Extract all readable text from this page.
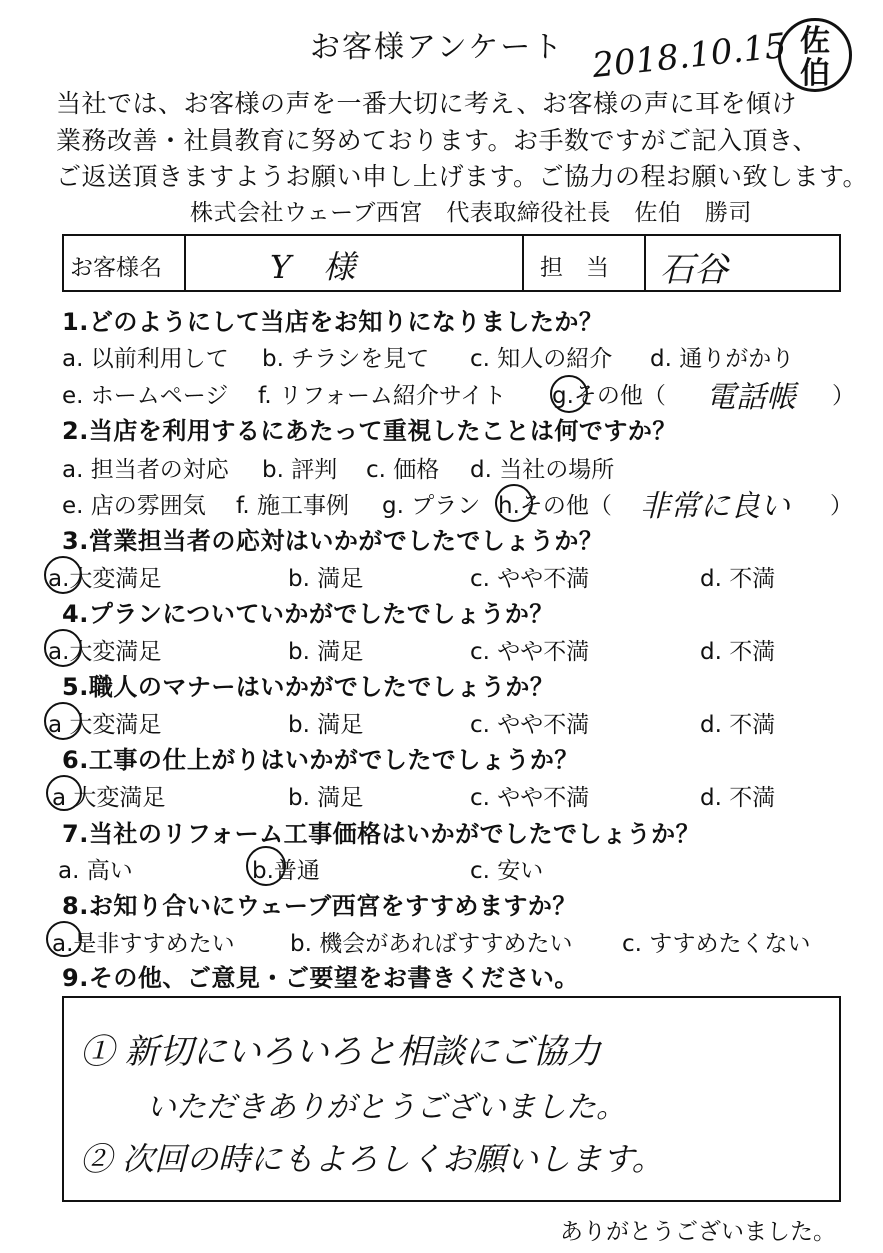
お客様アンケート 2018.10.15 佐
伯
当社では、お客様の声を一番大切に考え、お客様の声に耳を傾け
業務改善・社員教育に努めております。お手数ですがご記入頂き、
ご返送頂きますようお願い申し上げます。ご協力の程お願い致します。
株式会社ウェーブ西宮　代表取締役社長　佐伯　勝司
お客様名	Y　様	担　当 石谷
1.どのようにして当店をお知りになりましたか？
a. 以前利用して b. チラシを見て c. 知人の紹介 d. 通りがかり
e. ホームページ f. リフォーム紹介サイト g.その他（ 電話帳 ）
2.当店を利用するにあたって重視したことは何ですか？
a. 担当者の対応 b. 評判 c. 価格 d. 当社の場所
e. 店の雰囲気 f. 施工事例 g. プラン h.その他（ 非常に良い ）
3.営業担当者の応対はいかがでしたでしょうか？
a.大変満足	b. 満足	c. やや不満	d. 不満
4.プランについていかがでしたでしょうか？
a.大変満足	b. 満足	c. やや不満	d. 不満
5.職人のマナーはいかがでしたでしょうか？
a 大変満足	b. 満足	c. やや不満	d. 不満
6.工事の仕上がりはいかがでしたでしょうか？
a 大変満足	b. 満足	c. やや不満	d. 不満
7.当社のリフォーム工事価格はいかがでしたでしょうか？
a. 高い	b.普通	c. 安い
8.お知り合いにウェーブ西宮をすすめますか？
a.是非すすめたい b. 機会があればすすめたい c. すすめたくない
9.その他、ご意見・ご要望をお書きください。
① 新切にいろいろと相談にご協力
いただきありがとうございました。
② 次回の時にもよろしくお願いします。
ありがとうございました。
